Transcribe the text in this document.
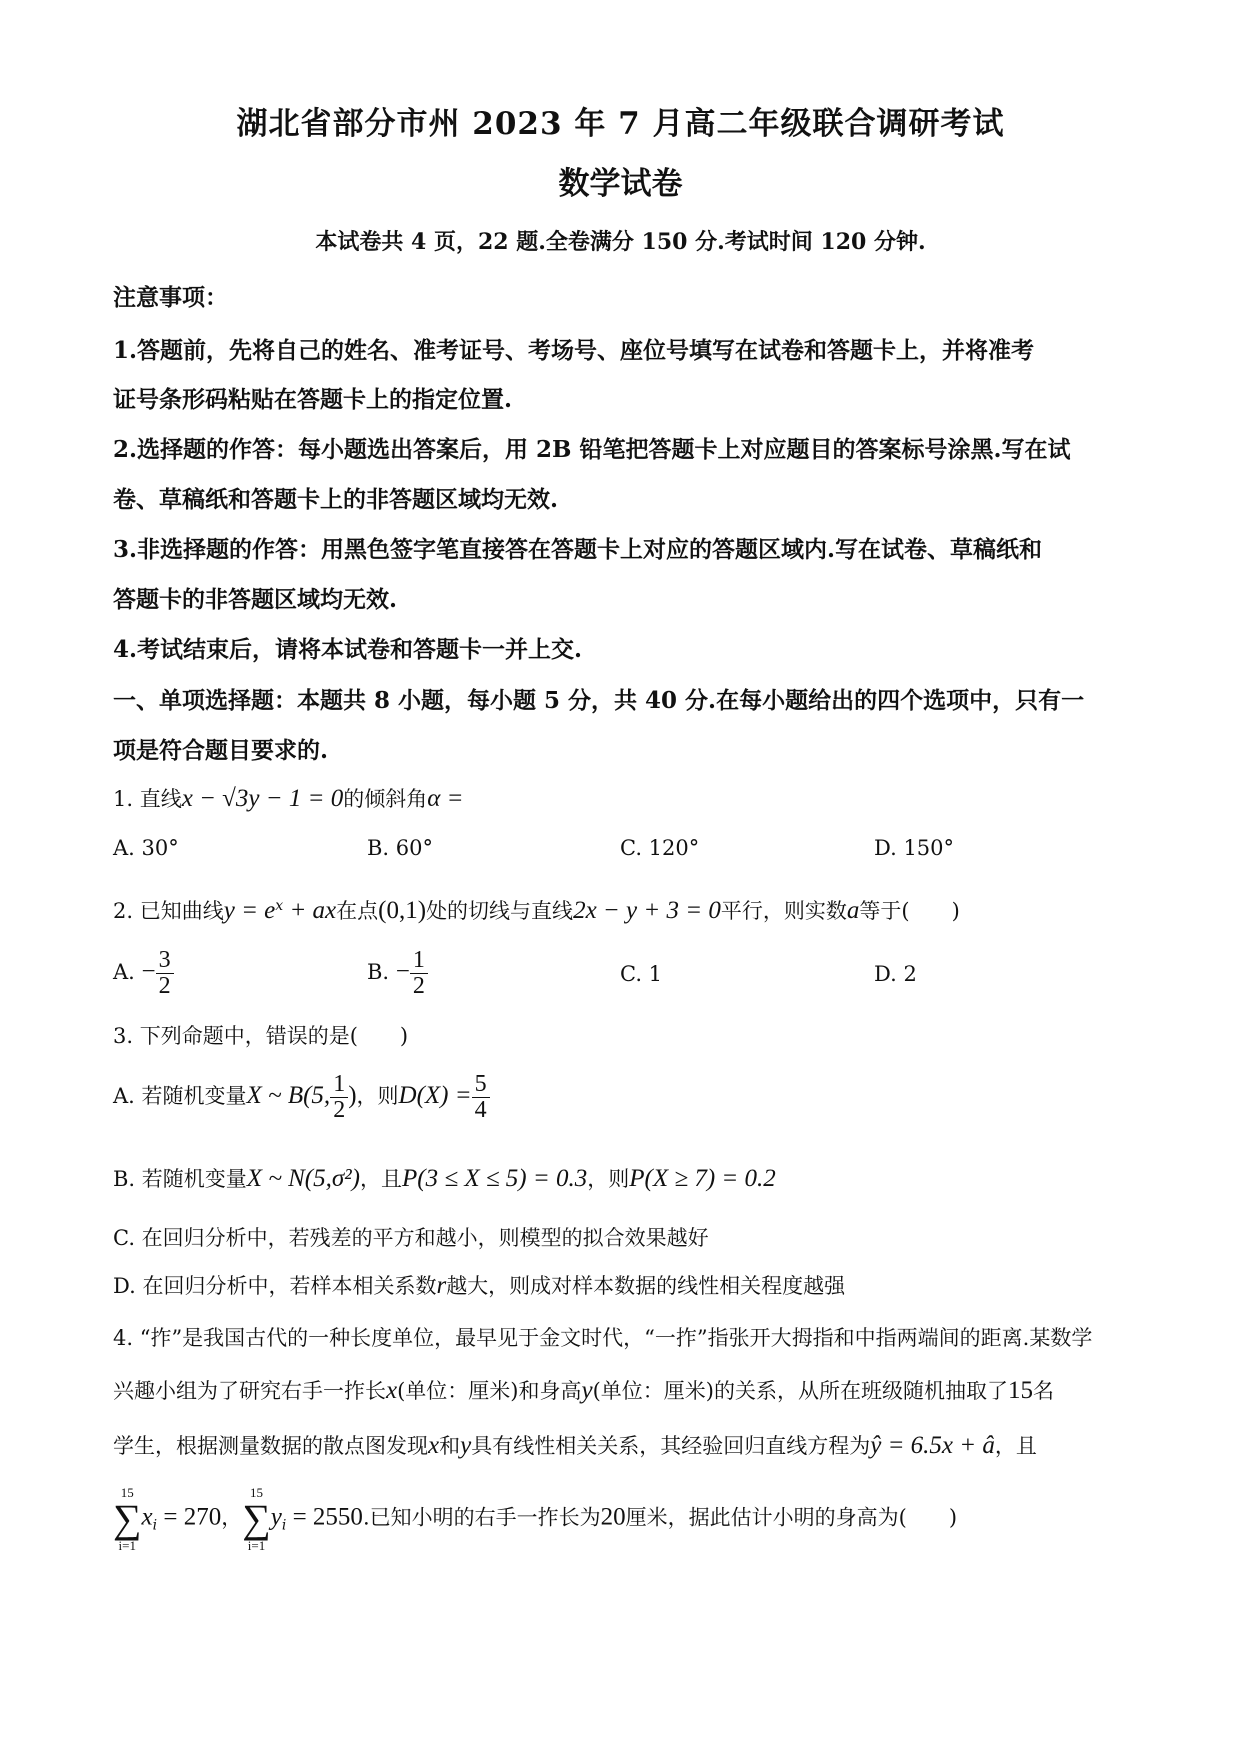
湖北省部分市州 2023 年 7 月高二年级联合调研考试
数学试卷
本试卷共 4 页，22 题.全卷满分 150 分.考试时间 120 分钟.
注意事项：
1.答题前，先将自己的姓名、准考证号、考场号、座位号填写在试卷和答题卡上，并将准考
证号条形码粘贴在答题卡上的指定位置.
2.选择题的作答：每小题选出答案后，用 2B 铅笔把答题卡上对应题目的答案标号涂黑.写在试
卷、草稿纸和答题卡上的非答题区域均无效.
3.非选择题的作答：用黑色签字笔直接答在答题卡上对应的答题区域内.写在试卷、草稿纸和
答题卡的非答题区域均无效.
4.考试结束后，请将本试卷和答题卡一并上交.
一、单项选择题：本题共 8 小题，每小题 5 分，共 40 分.在每小题给出的四个选项中，只有一
项是符合题目要求的.
1. 直线x − √3y − 1 = 0的倾斜角α =
A. 30°	B. 60°	C. 120°	D. 150°
2. 已知曲线$y = e^x$ + ax在点(0,1)处的切线与直线2x − y + 3 = 0平行，则实数a等于(　　)
A. − $\frac{3}{2}$	B. − $\frac{1}{2}$	C. 1	D. 2
3. 下列命题中，错误的是(　　)
A. 若随机变量X ~ B(5, $\frac{1}{2}$ )，则$D(X) = \frac{5}{4}$
B. 若随机变量X ~ N(5,σ²)，且P(3 ≤ X ≤ 5) = 0.3，则P(X ≥ 7) = 0.2
C. 在回归分析中，若残差的平方和越小，则模型的拟合效果越好
D. 在回归分析中，若样本相关系数r越大，则成对样本数据的线性相关程度越强
4. “拃”是我国古代的一种长度单位，最早见于金文时代，“一拃”指张开大拇指和中指两端间的距离.某数学
兴趣小组为了研究右手一拃长x(单位：厘米)和身高y(单位：厘米)的关系，从所在班级随机抽取了15名
学生，根据测量数据的散点图发现x和y具有线性相关关系，其经验回归直线方程为ŷ = 6.5x + â，且
15
∑
i=1
$x_i = 270$，
15
∑
i=1
$y_i = 2550$.已知小明的右手一拃长为20厘米，据此估计小明的身高为(　　)
